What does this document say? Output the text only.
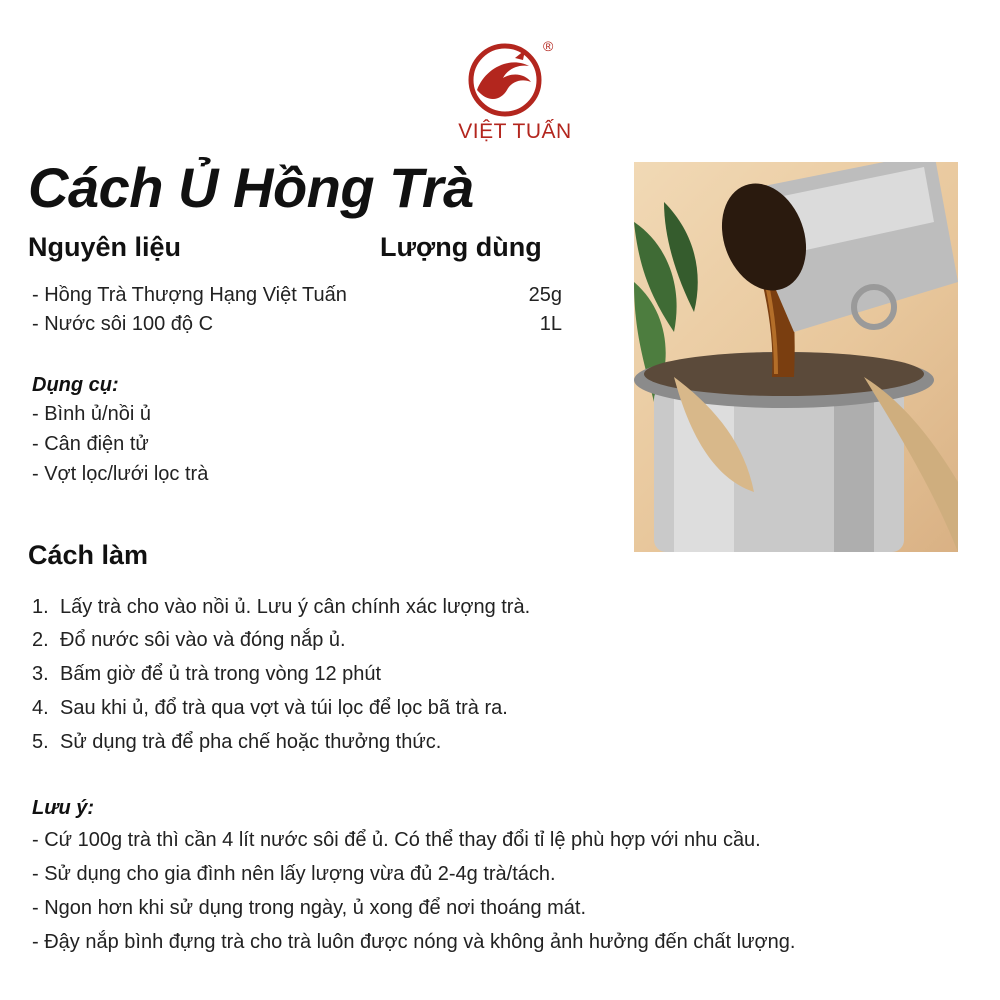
®
VIỆT TUẤN
Cách Ủ Hồng Trà
Nguyên liệu	Lượng dùng
- Hồng Trà Thượng Hạng Việt Tuấn	25g
- Nước sôi 100 độ C	1L
Dụng cụ:
- Bình ủ/nồi ủ
- Cân điện tử
- Vợt lọc/lưới lọc trà
Cách làm
1. Lấy trà cho vào nồi ủ. Lưu ý cân chính xác lượng trà.
2. Đổ nước sôi vào và đóng nắp ủ.
3. Bấm giờ để ủ trà trong vòng 12 phút
4. Sau khi ủ, đổ trà qua vợt và túi lọc để lọc bã trà ra.
5. Sử dụng trà để pha chế hoặc thưởng thức.
Lưu ý:
- Cứ 100g trà thì cần 4 lít nước sôi để ủ. Có thể thay đổi tỉ lệ phù hợp với nhu cầu.
- Sử dụng cho gia đình nên lấy lượng vừa đủ 2-4g trà/tách.
- Ngon hơn khi sử dụng trong ngày, ủ xong để nơi thoáng mát.
- Đậy nắp bình đựng trà cho trà luôn được nóng và không ảnh hưởng đến chất lượng.
